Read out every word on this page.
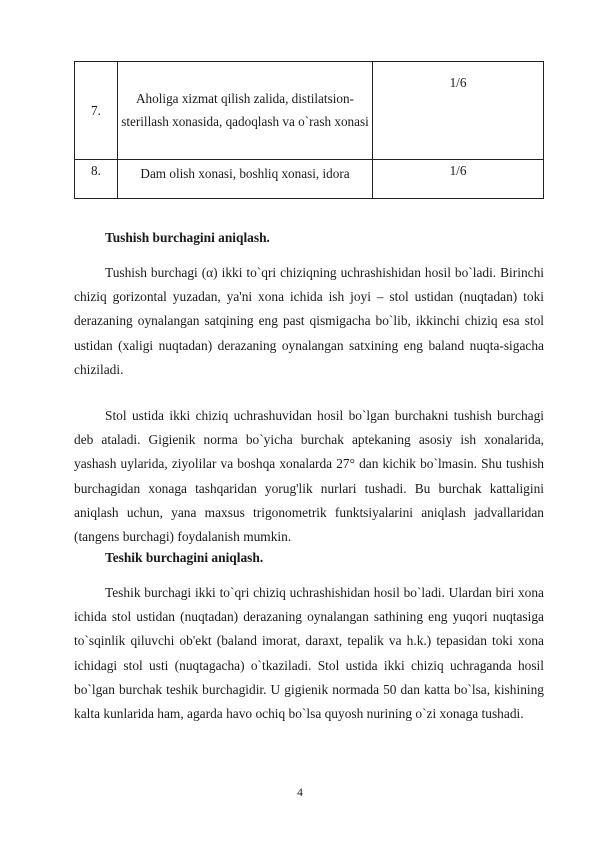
7.	Aholiga xizmat qilish zalida, distilatsion-sterillash xonasida, qadoqlash va o`rash xonasi	1/6
8.	Dam olish xonasi, boshliq xonasi, idora	1/6
Tushish burchagini aniqlash.

Tushish burchagi (α) ikki to`qri chiziqning uchrashishidan hosil bo`ladi. Birinchi chiziq gorizontal yuzadan, ya'ni xona ichida ish joyi – stol ustidan (nuqtadan) toki derazaning oynalangan satqining eng past qismigacha bo`lib, ikkinchi chiziq esa stol ustidan (xaligi nuqtadan) derazaning oynalangan satxining eng baland nuqta-sigacha chiziladi.

Stol ustida ikki chiziq uchrashuvidan hosil bo`lgan burchakni tushish burchagi deb ataladi. Gigienik norma bo`yicha burchak aptekaning asosiy ish xonalarida, yashash uylarida, ziyolilar va boshqa xonalarda 27° dan kichik bo`lmasin. Shu tushish burchagidan xonaga tashqaridan yorug'lik nurlari tushadi. Bu burchak kattaligini aniqlash uchun, yana maxsus trigonometrik funktsiyalarini aniqlash jadvallaridan (tangens burchagi) foydalanish mumkin.

Teshik burchagini aniqlash.

Teshik burchagi ikki to`qri chiziq uchrashishidan hosil bo`ladi. Ulardan biri xona ichida stol ustidan (nuqtadan) derazaning oynalangan sathining eng yuqori nuqtasiga to`sqinlik qiluvchi ob'ekt (baland imorat, daraxt, tepalik va h.k.) tepasidan toki xona ichidagi stol usti (nuqtagacha) o`tkaziladi. Stol ustida ikki chiziq uchraganda hosil bo`lgan burchak teshik burchagidir. U gigienik normada 50 dan katta bo`lsa, kishining kalta kunlarida ham, agarda havo ochiq bo`lsa quyosh nurining o`zi xonaga tushadi.

4
